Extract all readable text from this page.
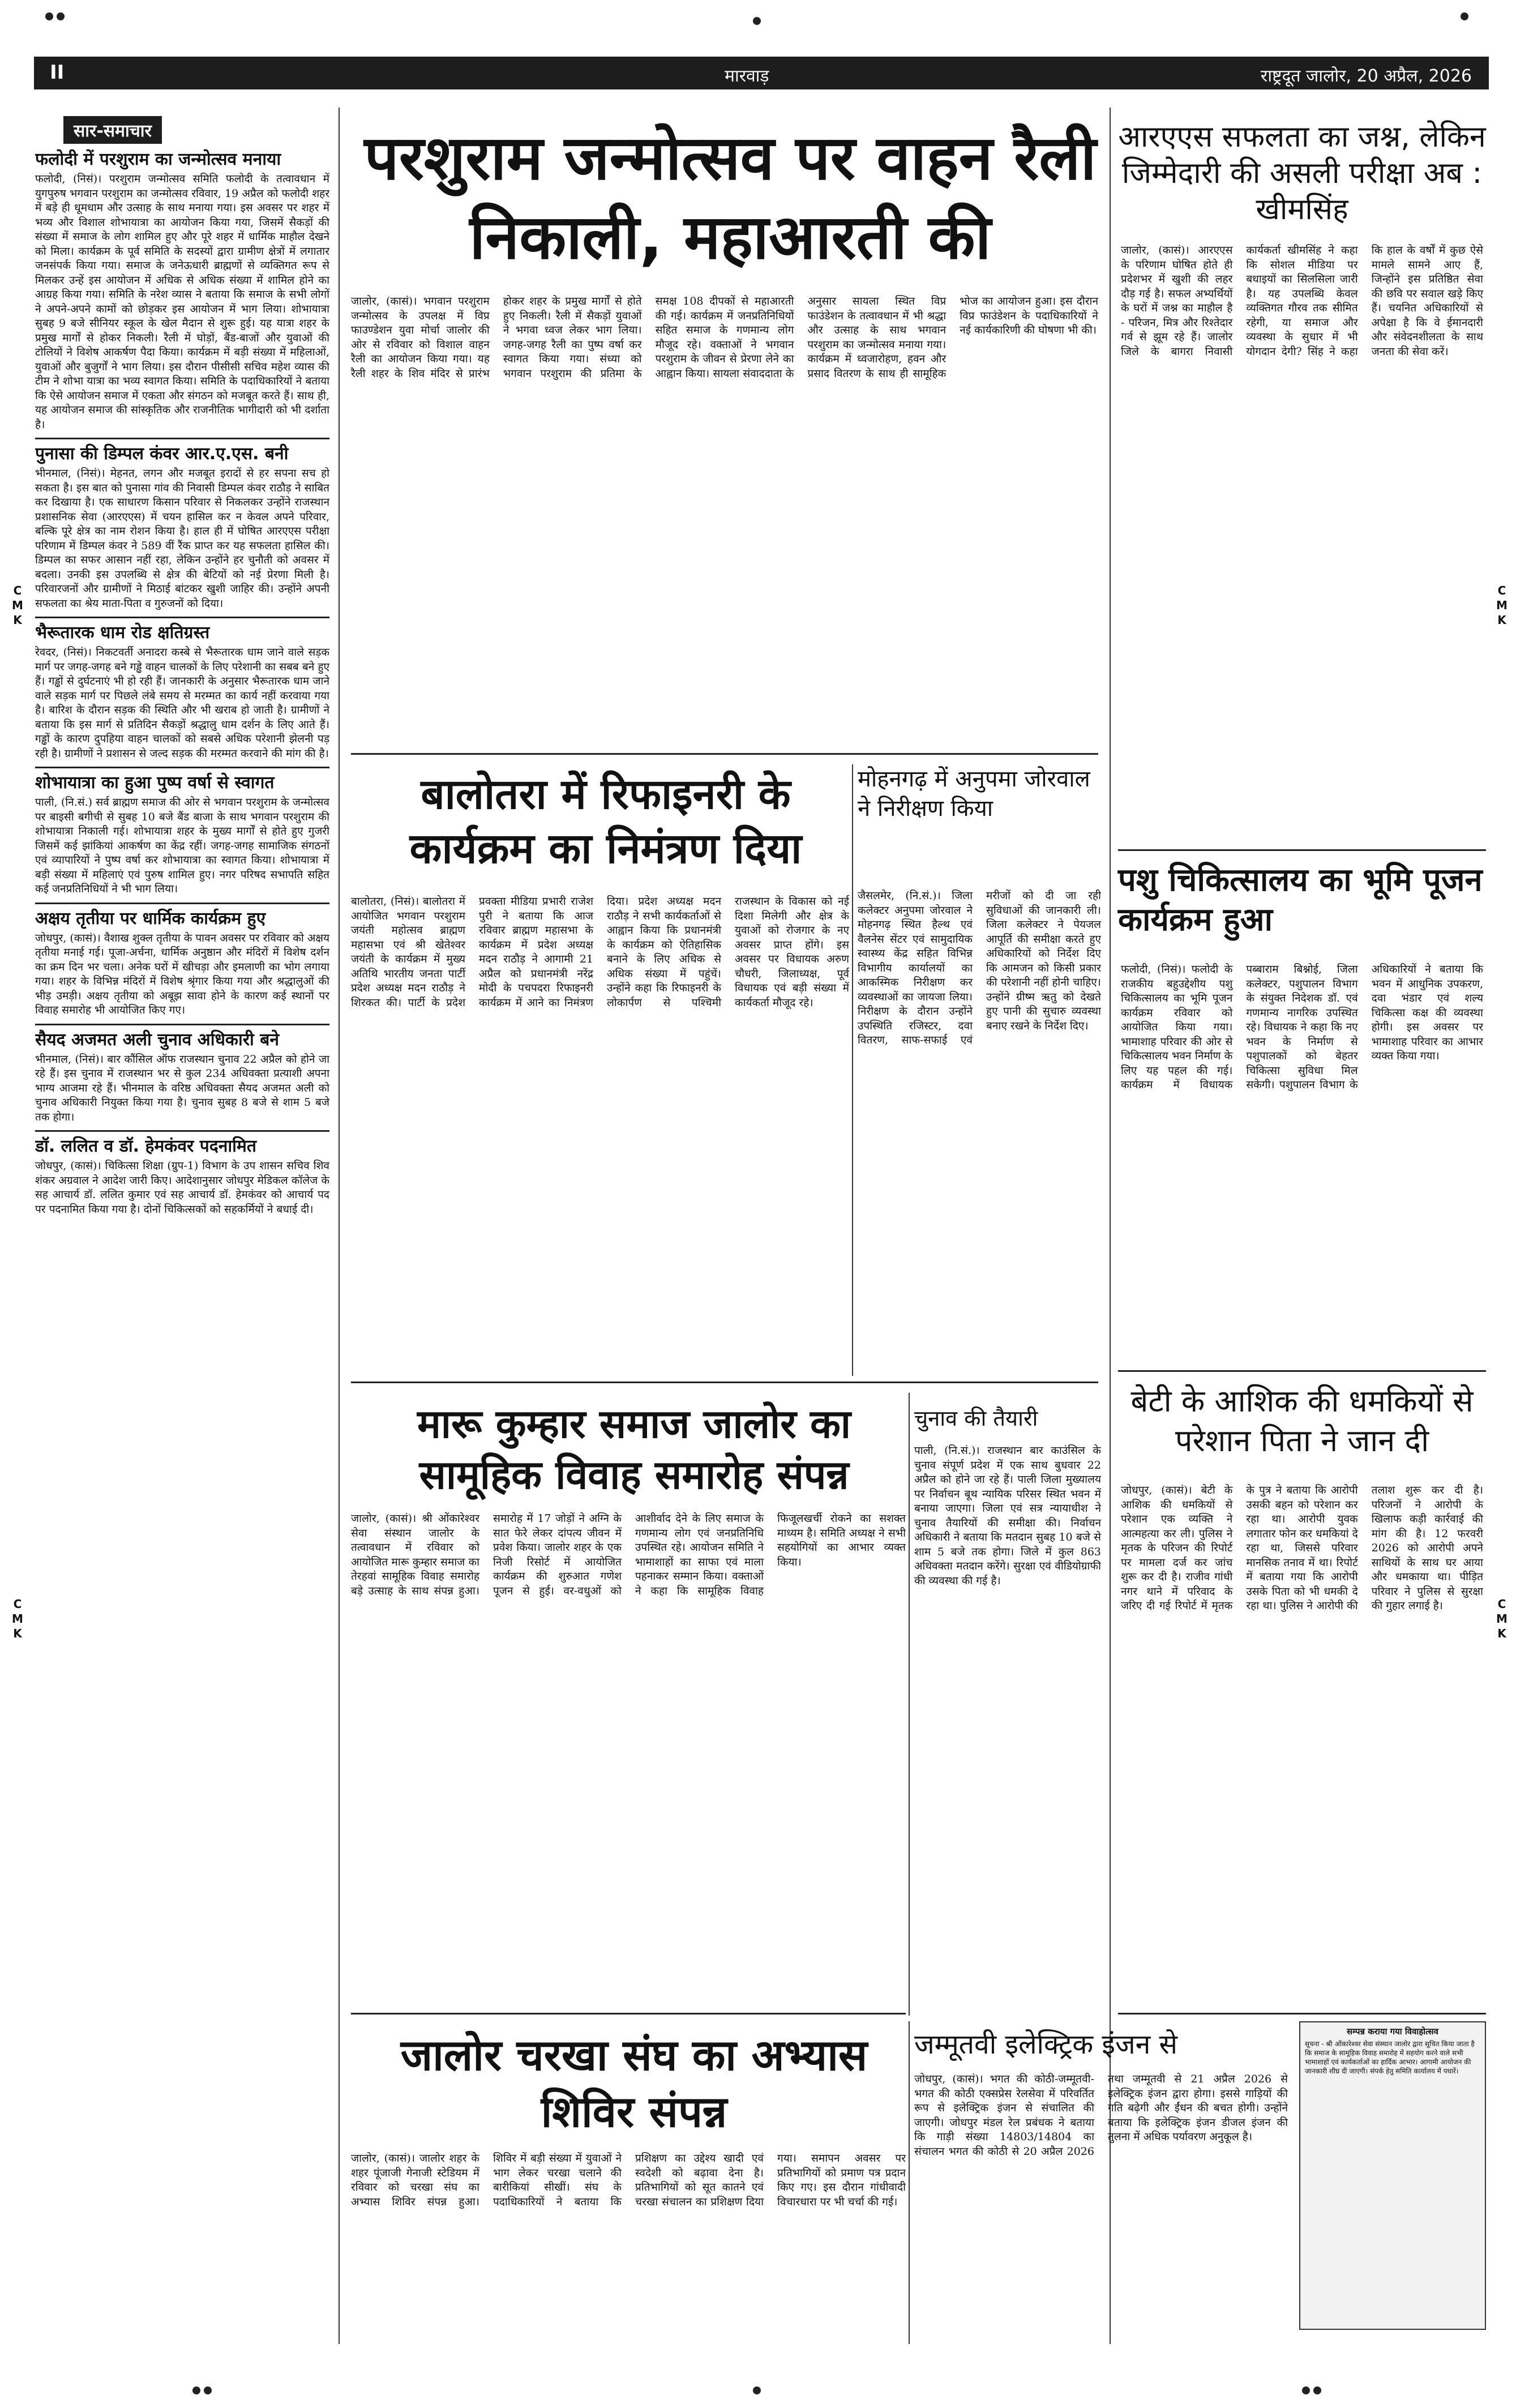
C
M
K
C
M
K
C
M
K
C
M
K
II	मारवाड़	राष्ट्रदूत जालोर, 20 अप्रैल, 2026
सार-समाचार
फलोदी में परशुराम का जन्मोत्सव मनाया

फलोदी, (निसं)। परशुराम जन्मोत्सव समिति फलोदी के तत्वावधान में युगपुरुष भगवान परशुराम का जन्मोत्सव रविवार, 19 अप्रैल को फलोदी शहर में बड़े ही धूमधाम और उत्साह के साथ मनाया गया। इस अवसर पर शहर में भव्य और विशाल शोभायात्रा का आयोजन किया गया, जिसमें सैकड़ों की संख्या में समाज के लोग शामिल हुए और पूरे शहर में धार्मिक माहौल देखने को मिला। कार्यक्रम के पूर्व समिति के सदस्यों द्वारा ग्रामीण क्षेत्रों में लगातार जनसंपर्क किया गया। समाज के जनेऊधारी ब्राह्मणों से व्यक्तिगत रूप से मिलकर उन्हें इस आयोजन में अधिक से अधिक संख्या में शामिल होने का आग्रह किया गया। समिति के नरेश व्यास ने बताया कि समाज के सभी लोगों ने अपने-अपने कामों को छोड़कर इस आयोजन में भाग लिया। शोभायात्रा सुबह 9 बजे सीनियर स्कूल के खेल मैदान से शुरू हुई। यह यात्रा शहर के प्रमुख मार्गों से होकर निकली। रैली में घोड़ों, बैंड-बाजों और युवाओं की टोलियों ने विशेष आकर्षण पैदा किया। कार्यक्रम में बड़ी संख्या में महिलाओं, युवाओं और बुजुर्गों ने भाग लिया। इस दौरान पीसीसी सचिव महेश व्यास की टीम ने शोभा यात्रा का भव्य स्वागत किया। समिति के पदाधिकारियों ने बताया कि ऐसे आयोजन समाज में एकता और संगठन को मजबूत करते हैं। साथ ही, यह आयोजन समाज की सांस्कृतिक और राजनीतिक भागीदारी को भी दर्शाता है।

पुनासा की डिम्पल कंवर आर.ए.एस. बनी

भीनमाल, (निसं)। मेहनत, लगन और मजबूत इरादों से हर सपना सच हो सकता है। इस बात को पुनासा गांव की निवासी डिम्पल कंवर राठौड़ ने साबित कर दिखाया है। एक साधारण किसान परिवार से निकलकर उन्होंने राजस्थान प्रशासनिक सेवा (आरएएस) में चयन हासिल कर न केवल अपने परिवार, बल्कि पूरे क्षेत्र का नाम रोशन किया है। हाल ही में घोषित आरएएस परीक्षा परिणाम में डिम्पल कंवर ने 589 वीं रैंक प्राप्त कर यह सफलता हासिल की। डिम्पल का सफर आसान नहीं रहा, लेकिन उन्होंने हर चुनौती को अवसर में बदला। उनकी इस उपलब्धि से क्षेत्र की बेटियों को नई प्रेरणा मिली है। परिवारजनों और ग्रामीणों ने मिठाई बांटकर खुशी जाहिर की। उन्होंने अपनी सफलता का श्रेय माता-पिता व गुरुजनों को दिया।

भैरूतारक धाम रोड क्षतिग्रस्त

रेवदर, (निसं)। निकटवर्ती अनादरा कस्बे से भैरूतारक धाम जाने वाले सड़क मार्ग पर जगह-जगह बने गड्ढे वाहन चालकों के लिए परेशानी का सबब बने हुए हैं। गड्ढों से दुर्घटनाएं भी हो रही हैं। जानकारी के अनुसार भैरूतारक धाम जाने वाले सड़क मार्ग पर पिछले लंबे समय से मरम्मत का कार्य नहीं करवाया गया है। बारिश के दौरान सड़क की स्थिति और भी खराब हो जाती है। ग्रामीणों ने बताया कि इस मार्ग से प्रतिदिन सैकड़ों श्रद्धालु धाम दर्शन के लिए आते हैं। गड्ढों के कारण दुपहिया वाहन चालकों को सबसे अधिक परेशानी झेलनी पड़ रही है। ग्रामीणों ने प्रशासन से जल्द सड़क की मरम्मत करवाने की मांग की है।

शोभायात्रा का हुआ पुष्प वर्षा से स्वागत

पाली, (नि.सं.) सर्व ब्राह्मण समाज की ओर से भगवान परशुराम के जन्मोत्सव पर बाइसी बगीची से सुबह 10 बजे बैंड बाजा के साथ भगवान परशुराम की शोभायात्रा निकाली गई। शोभायात्रा शहर के मुख्य मार्गों से होते हुए गुजरी जिसमें कई झांकियां आकर्षण का केंद्र रहीं। जगह-जगह सामाजिक संगठनों एवं व्यापारियों ने पुष्प वर्षा कर शोभायात्रा का स्वागत किया। शोभायात्रा में बड़ी संख्या में महिलाएं एवं पुरुष शामिल हुए। नगर परिषद सभापति सहित कई जनप्रतिनिधियों ने भी भाग लिया।

अक्षय तृतीया पर धार्मिक कार्यक्रम हुए

जोधपुर, (कासं)। वैशाख शुक्ल तृतीया के पावन अवसर पर रविवार को अक्षय तृतीया मनाई गई। पूजा-अर्चना, धार्मिक अनुष्ठान और मंदिरों में विशेष दर्शन का क्रम दिन भर चला। अनेक घरों में खीचड़ा और इमलाणी का भोग लगाया गया। शहर के विभिन्न मंदिरों में विशेष श्रृंगार किया गया और श्रद्धालुओं की भीड़ उमड़ी। अक्षय तृतीया को अबूझ सावा होने के कारण कई स्थानों पर विवाह समारोह भी आयोजित किए गए।

सैयद अजमत अली चुनाव अधिकारी बने

भीनमाल, (निसं)। बार कौंसिल ऑफ राजस्थान चुनाव 22 अप्रैल को होने जा रहे हैं। इस चुनाव में राजस्थान भर से कुल 234 अधिवक्ता प्रत्याशी अपना भाग्य आजमा रहे हैं। भीनमाल के वरिष्ठ अधिवक्ता सैयद अजमत अली को चुनाव अधिकारी नियुक्त किया गया है। चुनाव सुबह 8 बजे से शाम 5 बजे तक होगा।

डॉ. ललित व डॉ. हेमकंवर पदनामित

जोधपुर, (कासं)। चिकित्सा शिक्षा (ग्रुप-1) विभाग के उप शासन सचिव शिव शंकर अग्रवाल ने आदेश जारी किए। आदेशानुसार जोधपुर मेडिकल कॉलेज के सह आचार्य डॉ. ललित कुमार एवं सह आचार्य डॉ. हेमकंवर को आचार्य पद पर पदनामित किया गया है। दोनों चिकित्सकों को सहकर्मियों ने बधाई दी।

परशुराम जन्मोत्सव पर वाहन रैली निकाली, महाआरती की

जालोर, (कासं)। भगवान परशुराम जन्मोत्सव के उपलक्ष में विप्र फाउण्डेशन युवा मोर्चा जालोर की ओर से रविवार को विशाल वाहन रैली का आयोजन किया गया। यह रैली शहर के शिव मंदिर से प्रारंभ होकर शहर के प्रमुख मार्गों से होते हुए निकली। रैली में सैकड़ों युवाओं ने भगवा ध्वज लेकर भाग लिया। जगह-जगह रैली का पुष्प वर्षा कर स्वागत किया गया। संध्या को भगवान परशुराम की प्रतिमा के समक्ष 108 दीपकों से महाआरती की गई। कार्यक्रम में जनप्रतिनिधियों सहित समाज के गणमान्य लोग मौजूद रहे। वक्ताओं ने भगवान परशुराम के जीवन से प्रेरणा लेने का आह्वान किया। सायला संवाददाता के अनुसार सायला स्थित विप्र फाउंडेशन के तत्वावधान में भी श्रद्धा और उत्साह के साथ भगवान परशुराम का जन्मोत्सव मनाया गया। कार्यक्रम में ध्वजारोहण, हवन और प्रसाद वितरण के साथ ही सामूहिक भोज का आयोजन हुआ। इस दौरान विप्र फाउंडेशन के पदाधिकारियों ने नई कार्यकारिणी की घोषणा भी की।

आरएएस सफलता का जश्न, लेकिन जिम्मेदारी की असली परीक्षा अब : खीमसिंह

जालोर, (कासं)। आरएएस के परिणाम घोषित होते ही प्रदेशभर में खुशी की लहर दौड़ गई है। सफल अभ्यर्थियों के घरों में जश्न का माहौल है - परिजन, मित्र और रिश्तेदार गर्व से झूम रहे हैं। जालोर जिले के बागरा निवासी कार्यकर्ता खीमसिंह ने कहा कि सोशल मीडिया पर बधाइयों का सिलसिला जारी है। यह उपलब्धि केवल व्यक्तिगत गौरव तक सीमित रहेगी, या समाज और व्यवस्था के सुधार में भी योगदान देगी? सिंह ने कहा कि हाल के वर्षों में कुछ ऐसे मामले सामने आए हैं, जिन्होंने इस प्रतिष्ठित सेवा की छवि पर सवाल खड़े किए हैं। चयनित अधिकारियों से अपेक्षा है कि वे ईमानदारी और संवेदनशीलता के साथ जनता की सेवा करें।

बालोतरा में रिफाइनरी के कार्यक्रम का निमंत्रण दिया

बालोतरा, (निसं)। बालोतरा में आयोजित भगवान परशुराम जयंती महोत्सव ब्राह्मण महासभा एवं श्री खेतेश्वर जयंती के कार्यक्रम में मुख्य अतिथि भारतीय जनता पार्टी प्रदेश अध्यक्ष मदन राठौड़ ने शिरकत की। पार्टी के प्रदेश प्रवक्ता मीडिया प्रभारी राजेश पुरी ने बताया कि आज रविवार ब्राह्मण महासभा के कार्यक्रम में प्रदेश अध्यक्ष मदन राठौड़ ने आगामी 21 अप्रैल को प्रधानमंत्री नरेंद्र मोदी के पचपदरा रिफाइनरी कार्यक्रम में आने का निमंत्रण दिया। प्रदेश अध्यक्ष मदन राठौड़ ने सभी कार्यकर्ताओं से आह्वान किया कि प्रधानमंत्री के कार्यक्रम को ऐतिहासिक बनाने के लिए अधिक से अधिक संख्या में पहुंचें। उन्होंने कहा कि रिफाइनरी के लोकार्पण से पश्चिमी राजस्थान के विकास को नई दिशा मिलेगी और क्षेत्र के युवाओं को रोजगार के नए अवसर प्राप्त होंगे। इस अवसर पर विधायक अरुण चौधरी, जिलाध्यक्ष, पूर्व विधायक एवं बड़ी संख्या में कार्यकर्ता मौजूद रहे।

मोहनगढ़ में अनुपमा जोरवाल ने निरीक्षण किया

जैसलमेर, (नि.सं.)। जिला कलेक्टर अनुपमा जोरवाल ने मोहनगढ़ स्थित हैल्थ एवं वैलनेस सेंटर एवं सामुदायिक स्वास्थ्य केंद्र सहित विभिन्न विभागीय कार्यालयों का आकस्मिक निरीक्षण कर व्यवस्थाओं का जायजा लिया। निरीक्षण के दौरान उन्होंने उपस्थिति रजिस्टर, दवा वितरण, साफ-सफाई एवं मरीजों को दी जा रही सुविधाओं की जानकारी ली। जिला कलेक्टर ने पेयजल आपूर्ति की समीक्षा करते हुए अधिकारियों को निर्देश दिए कि आमजन को किसी प्रकार की परेशानी नहीं होनी चाहिए। उन्होंने ग्रीष्म ऋतु को देखते हुए पानी की सुचारु व्यवस्था बनाए रखने के निर्देश दिए।

पशु चिकित्सालय का भूमि पूजन कार्यक्रम हुआ

फलोदी, (निसं)। फलोदी के राजकीय बहुउद्देशीय पशु चिकित्सालय का भूमि पूजन कार्यक्रम रविवार को आयोजित किया गया। भामाशाह परिवार की ओर से चिकित्सालय भवन निर्माण के लिए यह पहल की गई। कार्यक्रम में विधायक पब्बाराम बिश्नोई, जिला कलेक्टर, पशुपालन विभाग के संयुक्त निदेशक डॉ. एवं गणमान्य नागरिक उपस्थित रहे। विधायक ने कहा कि नए भवन के निर्माण से पशुपालकों को बेहतर चिकित्सा सुविधा मिल सकेगी। पशुपालन विभाग के अधिकारियों ने बताया कि भवन में आधुनिक उपकरण, दवा भंडार एवं शल्य चिकित्सा कक्ष की व्यवस्था होगी। इस अवसर पर भामाशाह परिवार का आभार व्यक्त किया गया।

बेटी के आशिक की धमकियों से परेशान पिता ने जान दी

जोधपुर, (कासं)। बेटी के आशिक की धमकियों से परेशान एक व्यक्ति ने आत्महत्या कर ली। पुलिस ने मृतक के परिजन की रिपोर्ट पर मामला दर्ज कर जांच शुरू कर दी है। राजीव गांधी नगर थाने में परिवाद के जरिए दी गई रिपोर्ट में मृतक के पुत्र ने बताया कि आरोपी उसकी बहन को परेशान कर रहा था। आरोपी युवक लगातार फोन कर धमकियां दे रहा था, जिससे परिवार मानसिक तनाव में था। रिपोर्ट में बताया गया कि आरोपी उसके पिता को भी धमकी दे रहा था। पुलिस ने आरोपी की तलाश शुरू कर दी है। परिजनों ने आरोपी के खिलाफ कड़ी कार्रवाई की मांग की है। 12 फरवरी 2026 को आरोपी अपने साथियों के साथ घर आया और धमकाया था। पीड़ित परिवार ने पुलिस से सुरक्षा की गुहार लगाई है।

मारू कुम्हार समाज जालोर का सामूहिक विवाह समारोह संपन्न

जालोर, (कासं)। श्री ओंकारेश्वर सेवा संस्थान जालोर के तत्वावधान में रविवार को आयोजित मारू कुम्हार समाज का तेरहवां सामूहिक विवाह समारोह बड़े उत्साह के साथ संपन्न हुआ। समारोह में 17 जोड़ों ने अग्नि के सात फेरे लेकर दांपत्य जीवन में प्रवेश किया। जालोर शहर के एक निजी रिसोर्ट में आयोजित कार्यक्रम की शुरुआत गणेश पूजन से हुई। वर-वधुओं को आशीर्वाद देने के लिए समाज के गणमान्य लोग एवं जनप्रतिनिधि उपस्थित रहे। आयोजन समिति ने भामाशाहों का साफा एवं माला पहनाकर सम्मान किया। वक्ताओं ने कहा कि सामूहिक विवाह फिजूलखर्ची रोकने का सशक्त माध्यम है। समिति अध्यक्ष ने सभी सहयोगियों का आभार व्यक्त किया।

चुनाव की तैयारी

पाली, (नि.सं.)। राजस्थान बार काउंसिल के चुनाव संपूर्ण प्रदेश में एक साथ बुधवार 22 अप्रैल को होने जा रहे हैं। पाली जिला मुख्यालय पर निर्वाचन बूथ न्यायिक परिसर स्थित भवन में बनाया जाएगा। जिला एवं सत्र न्यायाधीश ने चुनाव तैयारियों की समीक्षा की। निर्वाचन अधिकारी ने बताया कि मतदान सुबह 10 बजे से शाम 5 बजे तक होगा। जिले में कुल 863 अधिवक्ता मतदान करेंगे। सुरक्षा एवं वीडियोग्राफी की व्यवस्था की गई है।

जालोर चरखा संघ का अभ्यास शिविर संपन्न

जालोर, (कासं)। जालोर शहर के शहर पूंजाजी गेनाजी स्टेडियम में रविवार को चरखा संघ का अभ्यास शिविर संपन्न हुआ। शिविर में बड़ी संख्या में युवाओं ने भाग लेकर चरखा चलाने की बारीकियां सीखीं। संघ के पदाधिकारियों ने बताया कि प्रशिक्षण का उद्देश्य खादी एवं स्वदेशी को बढ़ावा देना है। प्रतिभागियों को सूत कातने एवं चरखा संचालन का प्रशिक्षण दिया गया। समापन अवसर पर प्रतिभागियों को प्रमाण पत्र प्रदान किए गए। इस दौरान गांधीवादी विचारधारा पर भी चर्चा की गई।

जम्मूतवी इलेक्ट्रिक इंजन से

जोधपुर, (कासं)। भगत की कोठी-जम्मूतवी-भगत की कोठी एक्सप्रेस रेलसेवा में परिवर्तित रूप से इलेक्ट्रिक इंजन से संचालित की जाएगी। जोधपुर मंडल रेल प्रबंधक ने बताया कि गाड़ी संख्या 14803/14804 का संचालन भगत की कोठी से 20 अप्रैल 2026 तथा जम्मूतवी से 21 अप्रैल 2026 से इलेक्ट्रिक इंजन द्वारा होगा। इससे गाड़ियों की गति बढ़ेगी और ईंधन की बचत होगी। उन्होंने बताया कि इलेक्ट्रिक इंजन डीजल इंजन की तुलना में अधिक पर्यावरण अनुकूल है।

सम्पन्न कराया गया विवाहोत्सव
सूचना - श्री ओंकारेश्वर सेवा संस्थान जालोर द्वारा सूचित किया जाता है कि समाज के सामूहिक विवाह समारोह में सहयोग करने वाले सभी भामाशाहों एवं कार्यकर्ताओं का हार्दिक आभार। आगामी आयोजन की जानकारी शीघ्र दी जाएगी। संपर्क हेतु समिति कार्यालय में पधारें।
